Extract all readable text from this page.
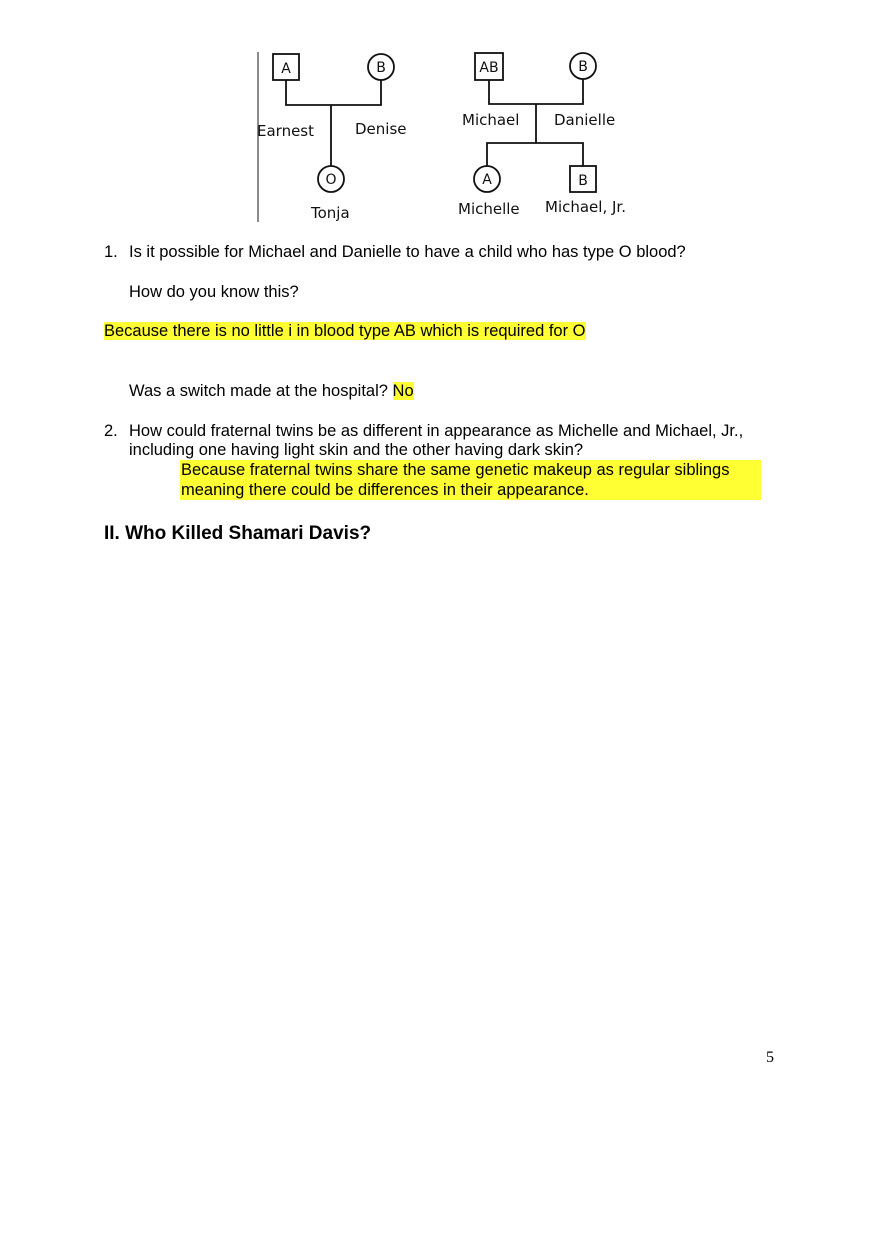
A	B
Earnest	Denise
O
Tonja
AB	B
Michael Danielle
A	B
Michelle Michael, Jr.
1. Is it possible for Michael and Danielle to have a child who has type O blood?
How do you know this?
Because there is no little i in blood type AB which is required for O
Was a switch made at the hospital? No
2. How could fraternal twins be as different in appearance as Michelle and Michael, Jr.,
including one having light skin and the other having dark skin?
Because fraternal twins share the same genetic makeup as regular siblings
meaning there could be differences in their appearance.
II. Who Killed Shamari Davis?
5
